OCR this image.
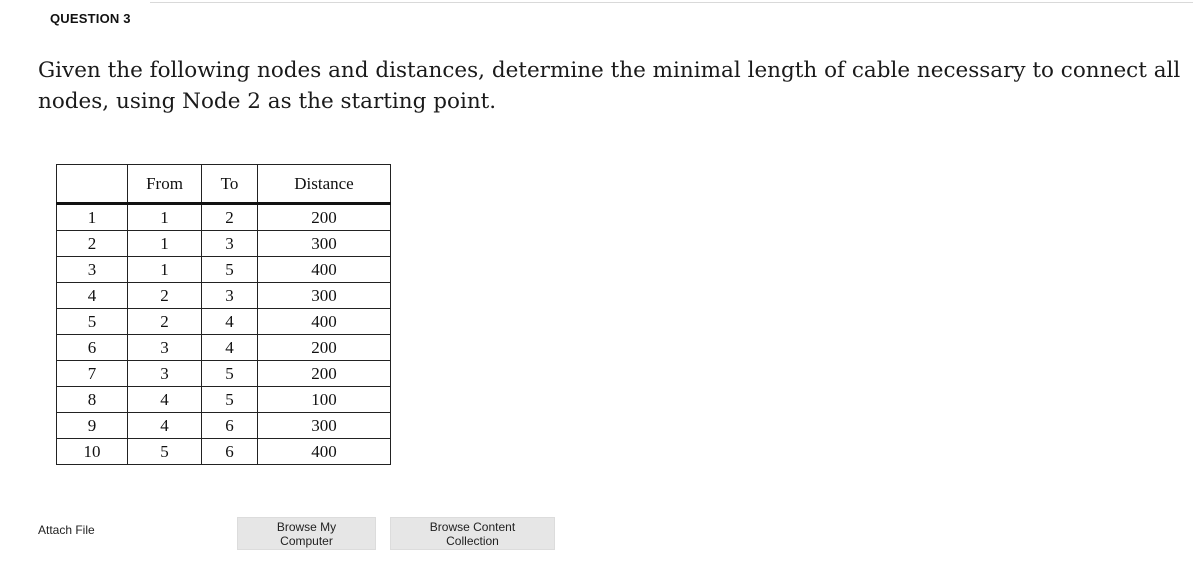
QUESTION 3
Given the following nodes and distances, determine the minimal length of cable necessary to connect all nodes, using Node 2 as the starting point.
	From	To	Distance
1	1	2	200
2	1	3	300
3	1	5	400
4	2	3	300
5	2	4	400
6	3	4	200
7	3	5	200
8	4	5	100
9	4	6	300
10	5	6	400
Attach File	Browse My Computer
Browse Content Collection
